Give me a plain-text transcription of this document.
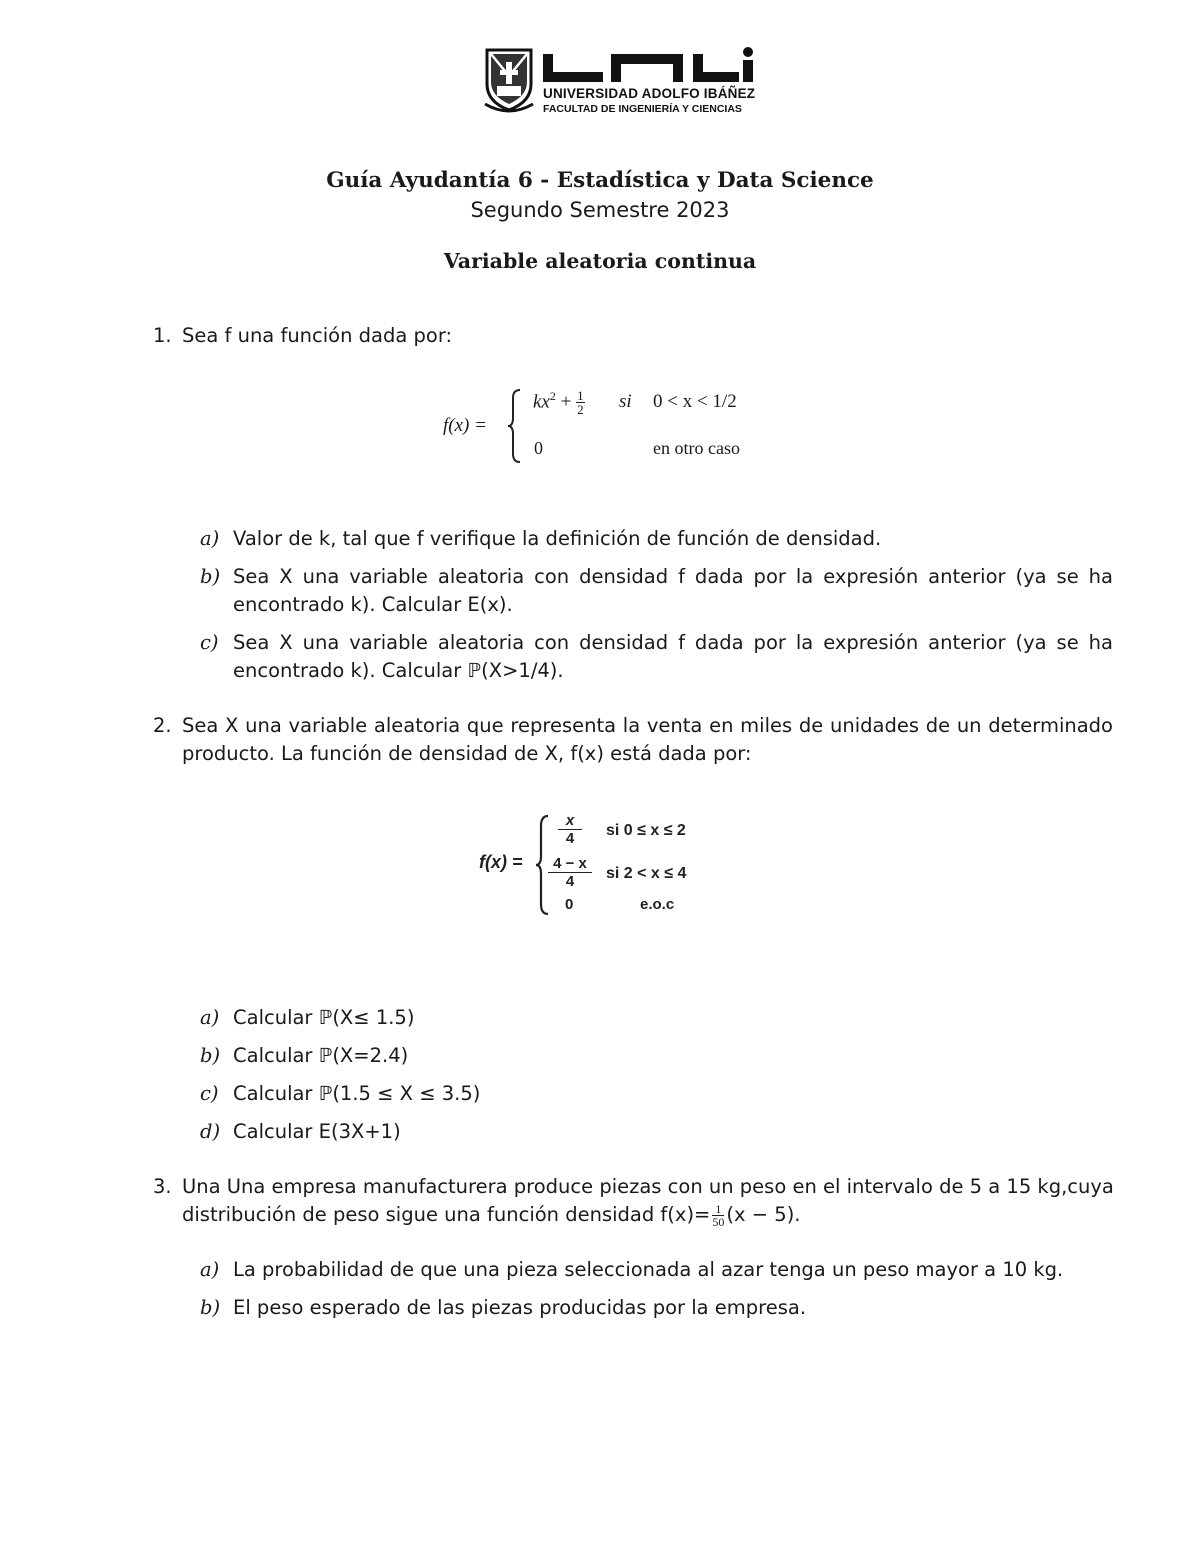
UNIVERSIDAD ADOLFO IBÁÑEZ
FACULTAD DE INGENIERÍA Y CIENCIAS
Guía Ayudantía 6 - Estadística y Data Science
Segundo Semestre 2023
Variable aleatoria continua
1. Sea f una función dada por:
f(x) =
$kx^2 + \frac{1}{2}$ si 0 < x < 1/2
0	en otro caso
a) Valor de k, tal que f verifique la definición de función de densidad.
b) Sea X una variable aleatoria con densidad f dada por la expresión anterior (ya se ha
encontrado k). Calcular E(x).
c) Sea X una variable aleatoria con densidad f dada por la expresión anterior (ya se ha
encontrado k). Calcular ℙ(X>1/4).
2. Sea X una variable aleatoria que representa la venta en miles de unidades de un determinado
producto. La función de densidad de X, f(x) está dada por:
f(x) =
x
4	si 0 ≤ x ≤ 2
4 − x
4	si 2 < x ≤ 4
0	e.o.c
a) Calcular ℙ(X≤ 1.5)
b) Calcular ℙ(X=2.4)
c) Calcular ℙ(1.5 ≤ X ≤ 3.5)
d) Calcular E(3X+1)
3. Una Una empresa manufacturera produce piezas con un peso en el intervalo de 5 a 15 kg,cuya
distribución de peso sigue una función densidad $f(x)= \frac{1}{50} (x - 5)$.
a) La probabilidad de que una pieza seleccionada al azar tenga un peso mayor a 10 kg.
b) El peso esperado de las piezas producidas por la empresa.
